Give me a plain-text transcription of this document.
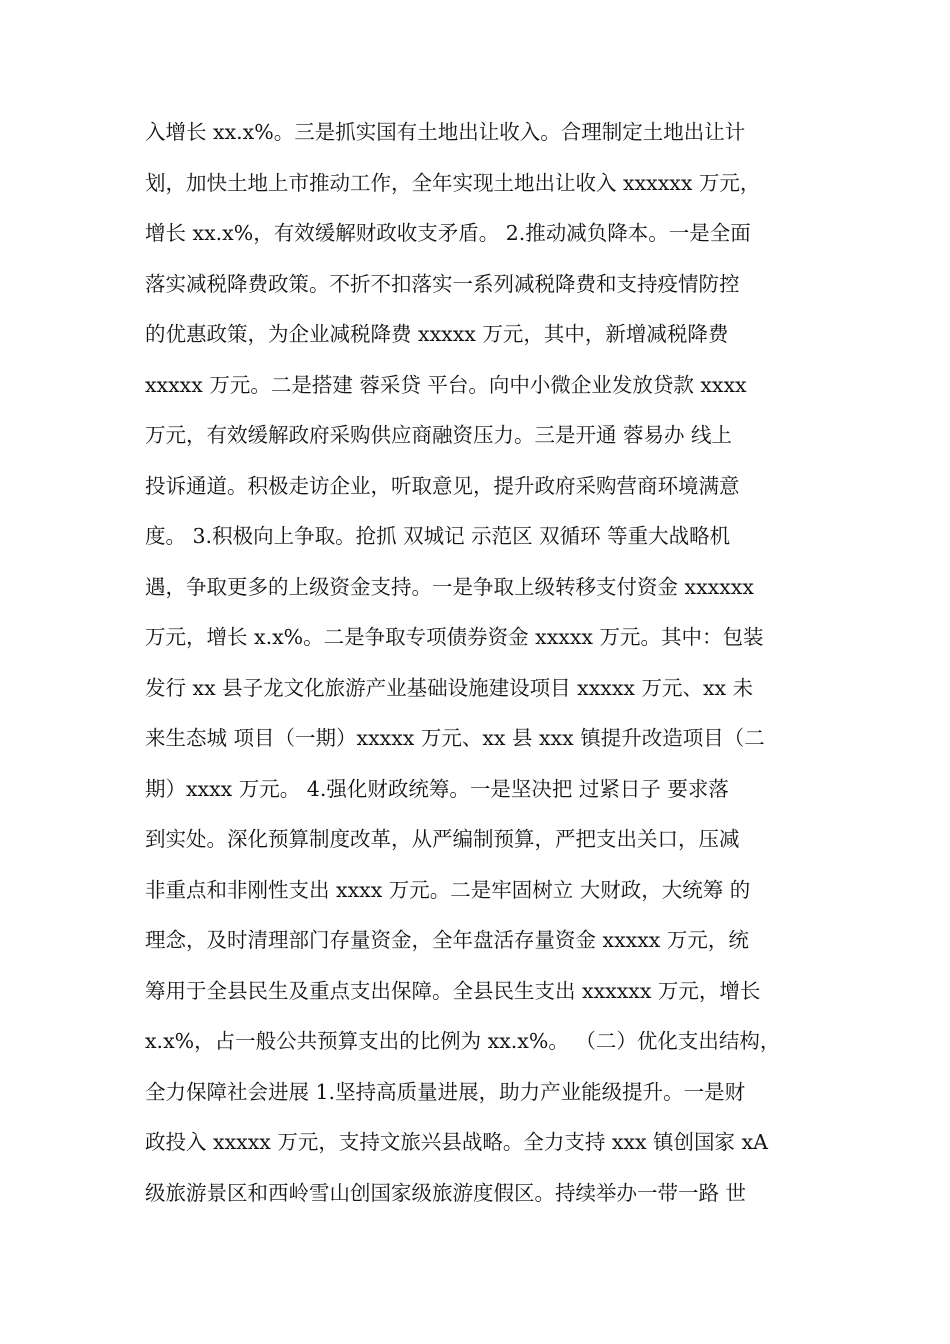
入增长 xx.x%。三是抓实国有土地出让收入。合理制定土地出让计
划，加快土地上市推动工作，全年实现土地出让收入 xxxxxx 万元，
增长 xx.x%，有效缓解财政收支矛盾。 2.推动减负降本。一是全面
落实减税降费政策。不折不扣落实一系列减税降费和支持疫情防控
的优惠政策，为企业减税降费 xxxxx 万元，其中，新增减税降费
xxxxx 万元。二是搭建 蓉采贷 平台。向中小微企业发放贷款 xxxx
万元，有效缓解政府采购供应商融资压力。三是开通 蓉易办 线上
投诉通道。积极走访企业，听取意见，提升政府采购营商环境满意
度。 3.积极向上争取。抢抓 双城记 示范区 双循环 等重大战略机
遇，争取更多的上级资金支持。一是争取上级转移支付资金 xxxxxx
万元，增长 x.x%。二是争取专项债券资金 xxxxx 万元。其中：包装
发行 xx 县子龙文化旅游产业基础设施建设项目 xxxxx 万元、xx 未
来生态城 项目（一期）xxxxx 万元、xx 县 xxx 镇提升改造项目（二
期）xxxx 万元。 4.强化财政统筹。一是坚决把 过紧日子 要求落
到实处。深化预算制度改革，从严编制预算，严把支出关口，压减
非重点和非刚性支出 xxxx 万元。二是牢固树立 大财政，大统筹 的
理念，及时清理部门存量资金，全年盘活存量资金 xxxxx 万元，统
筹用于全县民生及重点支出保障。全县民生支出 xxxxxx 万元，增长
x.x%，占一般公共预算支出的比例为 xx.x%。 （二）优化支出结构，
全力保障社会进展 1.坚持高质量进展，助力产业能级提升。一是财
政投入 xxxxx 万元，支持文旅兴县战略。全力支持 xxx 镇创国家 xA
级旅游景区和西岭雪山创国家级旅游度假区。持续举办一带一路 世
